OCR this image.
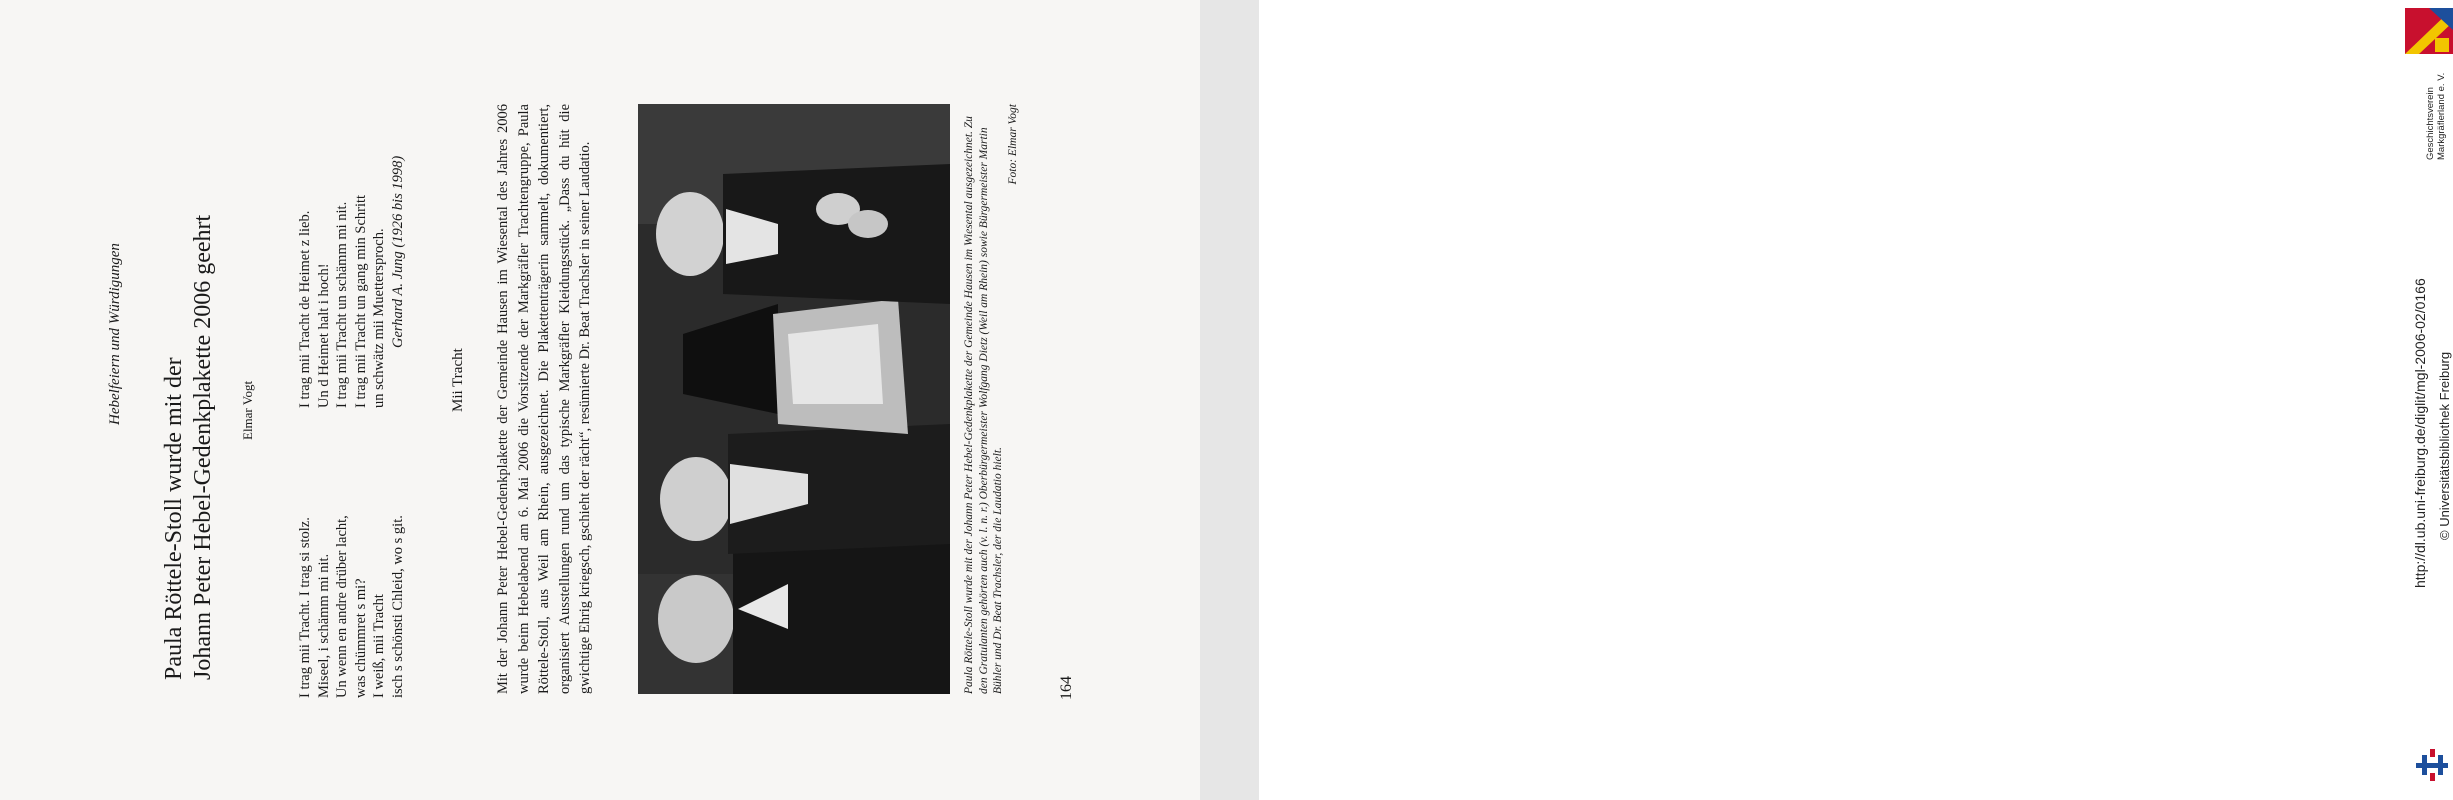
Hebelfeiern und Würdigungen
Paula Röttele-Stoll wurde mit der Johann Peter Hebel-Gedenkplakette 2006 geehrt Elmar Vogt
I trag mii Tracht. I trag si stolz. Miseel, i schämm mi nit. Un wenn en andre drüber lacht, was chümmret s mi? I weiß, mii Tracht isch s schönsti Chleid, wo s git.
I trag mii Tracht de Heimet z lieb. Un d Heimet halt i hoch! I trag mii Tracht un schämm mi nit. I trag mii Tracht un gang min Schritt un schwätz mii Muettersproch. Gerhard A. Jung (1926 bis 1998)
Mii Tracht Mit der Johann Peter Hebel-Gedenkplakette der Gemeinde Hausen im Wiesental des Jahres 2006 wurde beim Hebelabend am 6. Mai 2006 die Vorsitzende der Markgräfler Trachtengruppe, Paula Röttele-Stoll, aus Weil am Rhein, ausgezeichnet. Die Plakettenträgerin sammelt, dokumentiert, organisiert Ausstellungen rund um das typische Markgräfler Kleidungsstück. „Dass du hüt die gwichtige Ehrig kriegsch, gschieht der rächt“, resümierte Dr. Beat Trachsler in seiner Laudatio.	Paula Röttele-Stoll wurde mit der Johann Peter Hebel-Gedenkplakette der Gemeinde Hausen im Wiesental ausgezeichnet. Zu den Gratulanten gehörten auch (v. l. n. r.) Oberbürgermeister Wolfgang Dietz (Weil am Rhein) sowie Bürgermeister Martin Bühler und Dr. Beat Trachsler, der die Laudatio hielt.
Foto: Elmar Vogt
164
Geschichtsverein Markgräflerland e. V.
http://dl.ub.uni-freiburg.de/diglit/mgl-2006-02/0166 © Universitätsbibliothek Freiburg
